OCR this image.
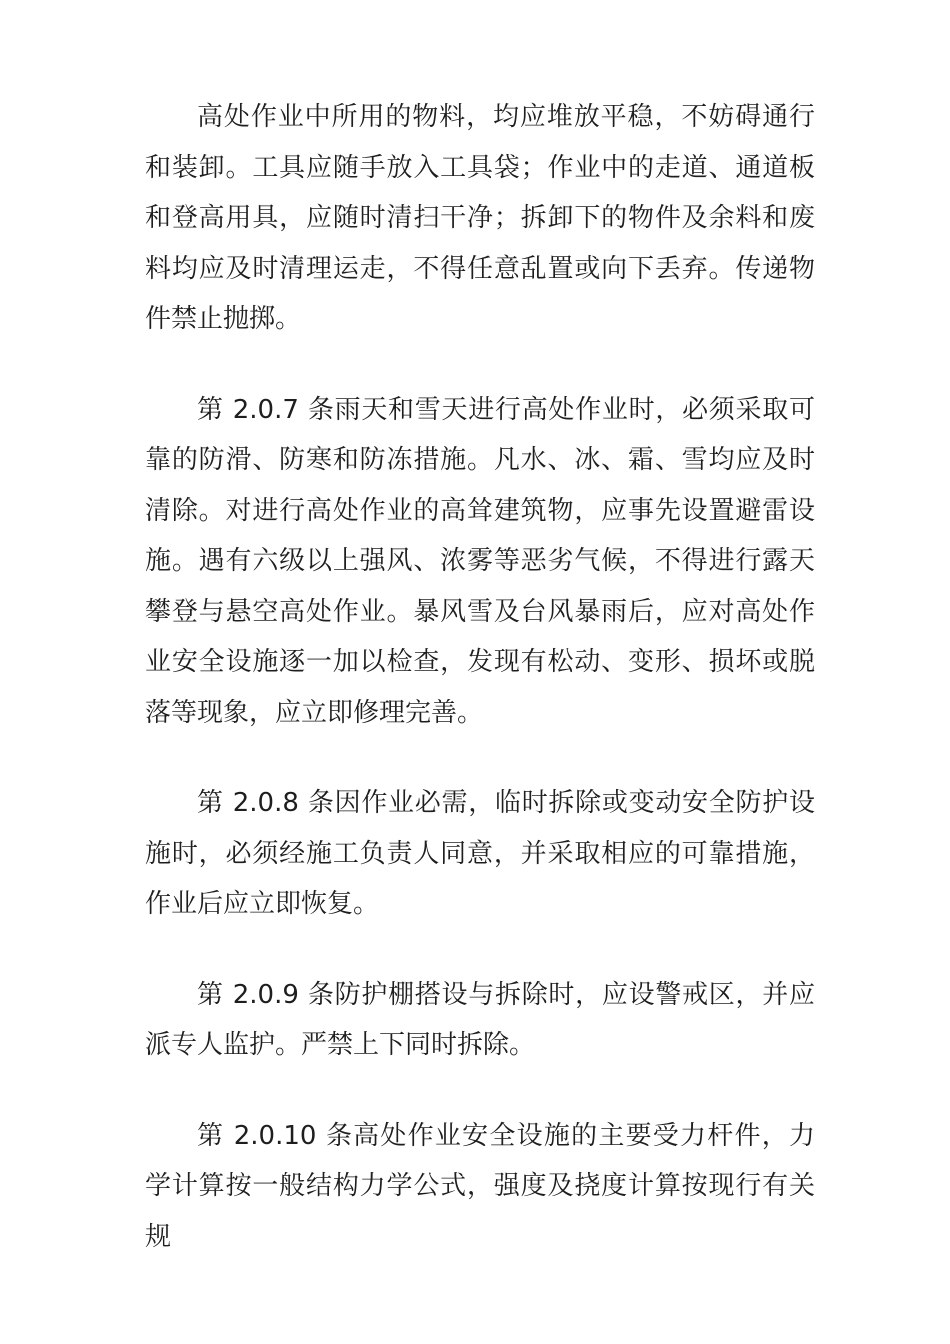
高处作业中所用的物料，均应堆放平稳，不妨碍通行和装卸。工具应随手放入工具袋；作业中的走道、通道板和登高用具，应随时清扫干净；拆卸下的物件及余料和废料均应及时清理运走，不得任意乱置或向下丢弃。传递物件禁止抛掷。

第 2.0.7 条雨天和雪天进行高处作业时，必须采取可靠的防滑、防寒和防冻措施。凡水、冰、霜、雪均应及时清除。对进行高处作业的高耸建筑物，应事先设置避雷设施。遇有六级以上强风、浓雾等恶劣气候，不得进行露天攀登与悬空高处作业。暴风雪及台风暴雨后，应对高处作业安全设施逐一加以检查，发现有松动、变形、损坏或脱落等现象，应立即修理完善。

第 2.0.8 条因作业必需，临时拆除或变动安全防护设施时，必须经施工负责人同意，并采取相应的可靠措施，作业后应立即恢复。

第 2.0.9 条防护棚搭设与拆除时，应设警戒区，并应派专人监护。严禁上下同时拆除。

第 2.0.10 条高处作业安全设施的主要受力杆件，力学计算按一般结构力学公式，强度及挠度计算按现行有关规
